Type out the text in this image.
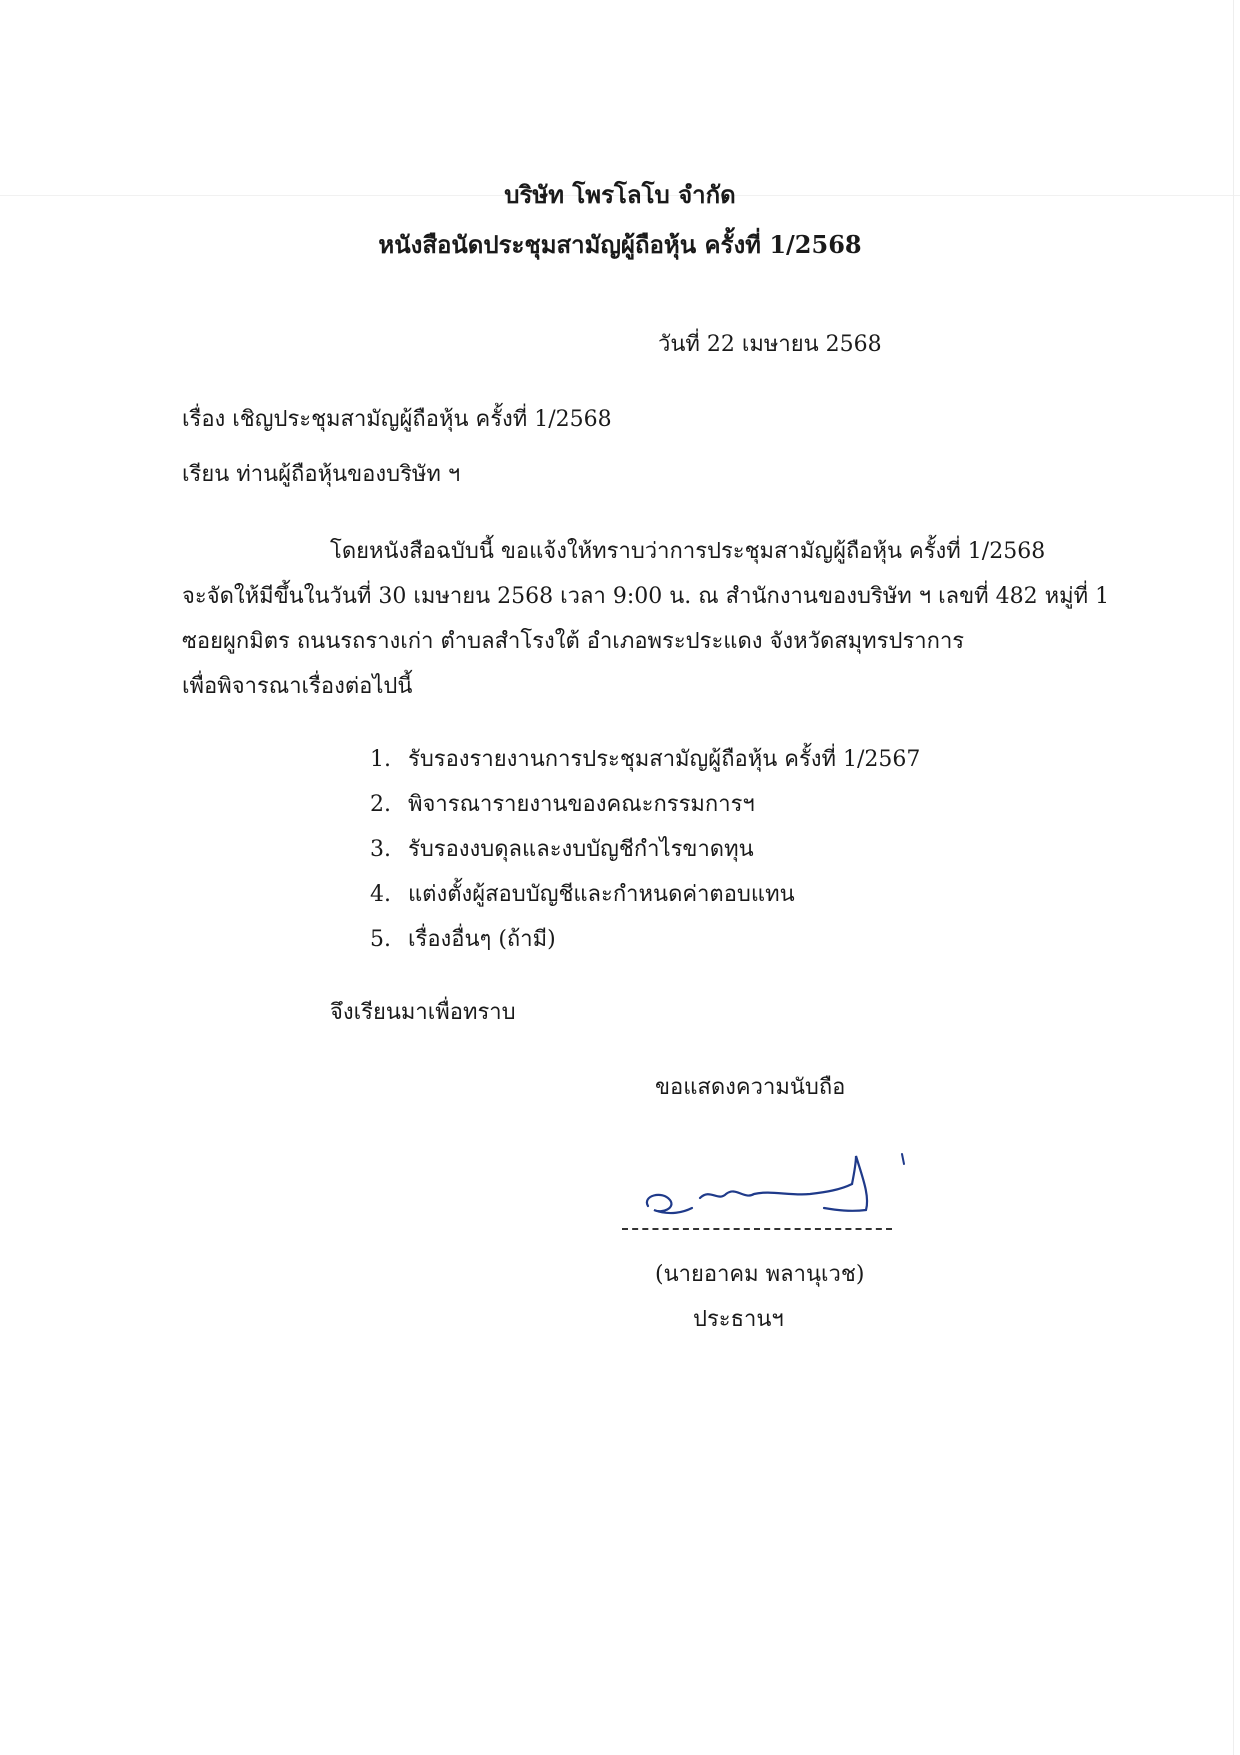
บริษัท โพรโลโบ จำกัด
หนังสือนัดประชุมสามัญผู้ถือหุ้น ครั้งที่ 1/2568
วันที่ 22 เมษายน 2568
เรื่อง เชิญประชุมสามัญผู้ถือหุ้น ครั้งที่ 1/2568
เรียน ท่านผู้ถือหุ้นของบริษัท ฯ
โดยหนังสือฉบับนี้ ขอแจ้งให้ทราบว่าการประชุมสามัญผู้ถือหุ้น ครั้งที่ 1/2568
จะจัดให้มีขึ้นในวันที่ 30 เมษายน 2568 เวลา 9:00 น. ณ สำนักงานของบริษัท ฯ เลขที่ 482 หมู่ที่ 1
ซอยผูกมิตร ถนนรถรางเก่า ตำบลสำโรงใต้ อำเภอพระประแดง จังหวัดสมุทรปราการ
เพื่อพิจารณาเรื่องต่อไปนี้
1. รับรองรายงานการประชุมสามัญผู้ถือหุ้น ครั้งที่ 1/2567
2. พิจารณารายงานของคณะกรรมการฯ
3. รับรองงบดุลและงบบัญชีกำไรขาดทุน
4. แต่งตั้งผู้สอบบัญชีและกำหนดค่าตอบแทน
5. เรื่องอื่นๆ (ถ้ามี)
จึงเรียนมาเพื่อทราบ
ขอแสดงความนับถือ
(นายอาคม พลานุเวช)
ประธานฯ
